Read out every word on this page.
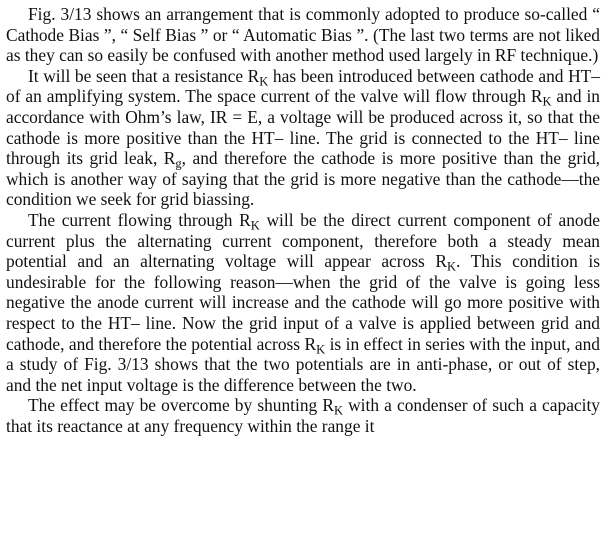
Fig. 3/13 shows an arrangement that is commonly adopted to produce so-called “ Cathode Bias ”, “ Self Bias ” or “ Automatic Bias ”. (The last two terms are not liked as they can so easily be confused with another method used largely in RF technique.)

It will be seen that a resistance $R_K$ has been introduced between cathode and HT– of an amplifying system. The space current of the valve will flow through $R_K$ and in accordance with Ohm’s law, IR = E, a voltage will be produced across it, so that the cathode is more positive than the HT– line. The grid is connected to the HT– line through its grid leak, $R_g$, and therefore the cathode is more positive than the grid, which is another way of saying that the grid is more negative than the cathode—the condition we seek for grid biassing.

The current flowing through $R_K$ will be the direct current component of anode current plus the alternating current component, therefore both a steady mean potential and an alternating voltage will appear across $R_K$. This condition is undesirable for the following reason—when the grid of the valve is going less negative the anode current will increase and the cathode will go more positive with respect to the HT– line. Now the grid input of a valve is applied between grid and cathode, and therefore the potential across $R_K$ is in effect in series with the input, and a study of Fig. 3/13 shows that the two potentials are in anti-phase, or out of step, and the net input voltage is the difference between the two.

The effect may be overcome by shunting $R_K$ with a condenser of such a capacity that its reactance at any frequency within the range it
